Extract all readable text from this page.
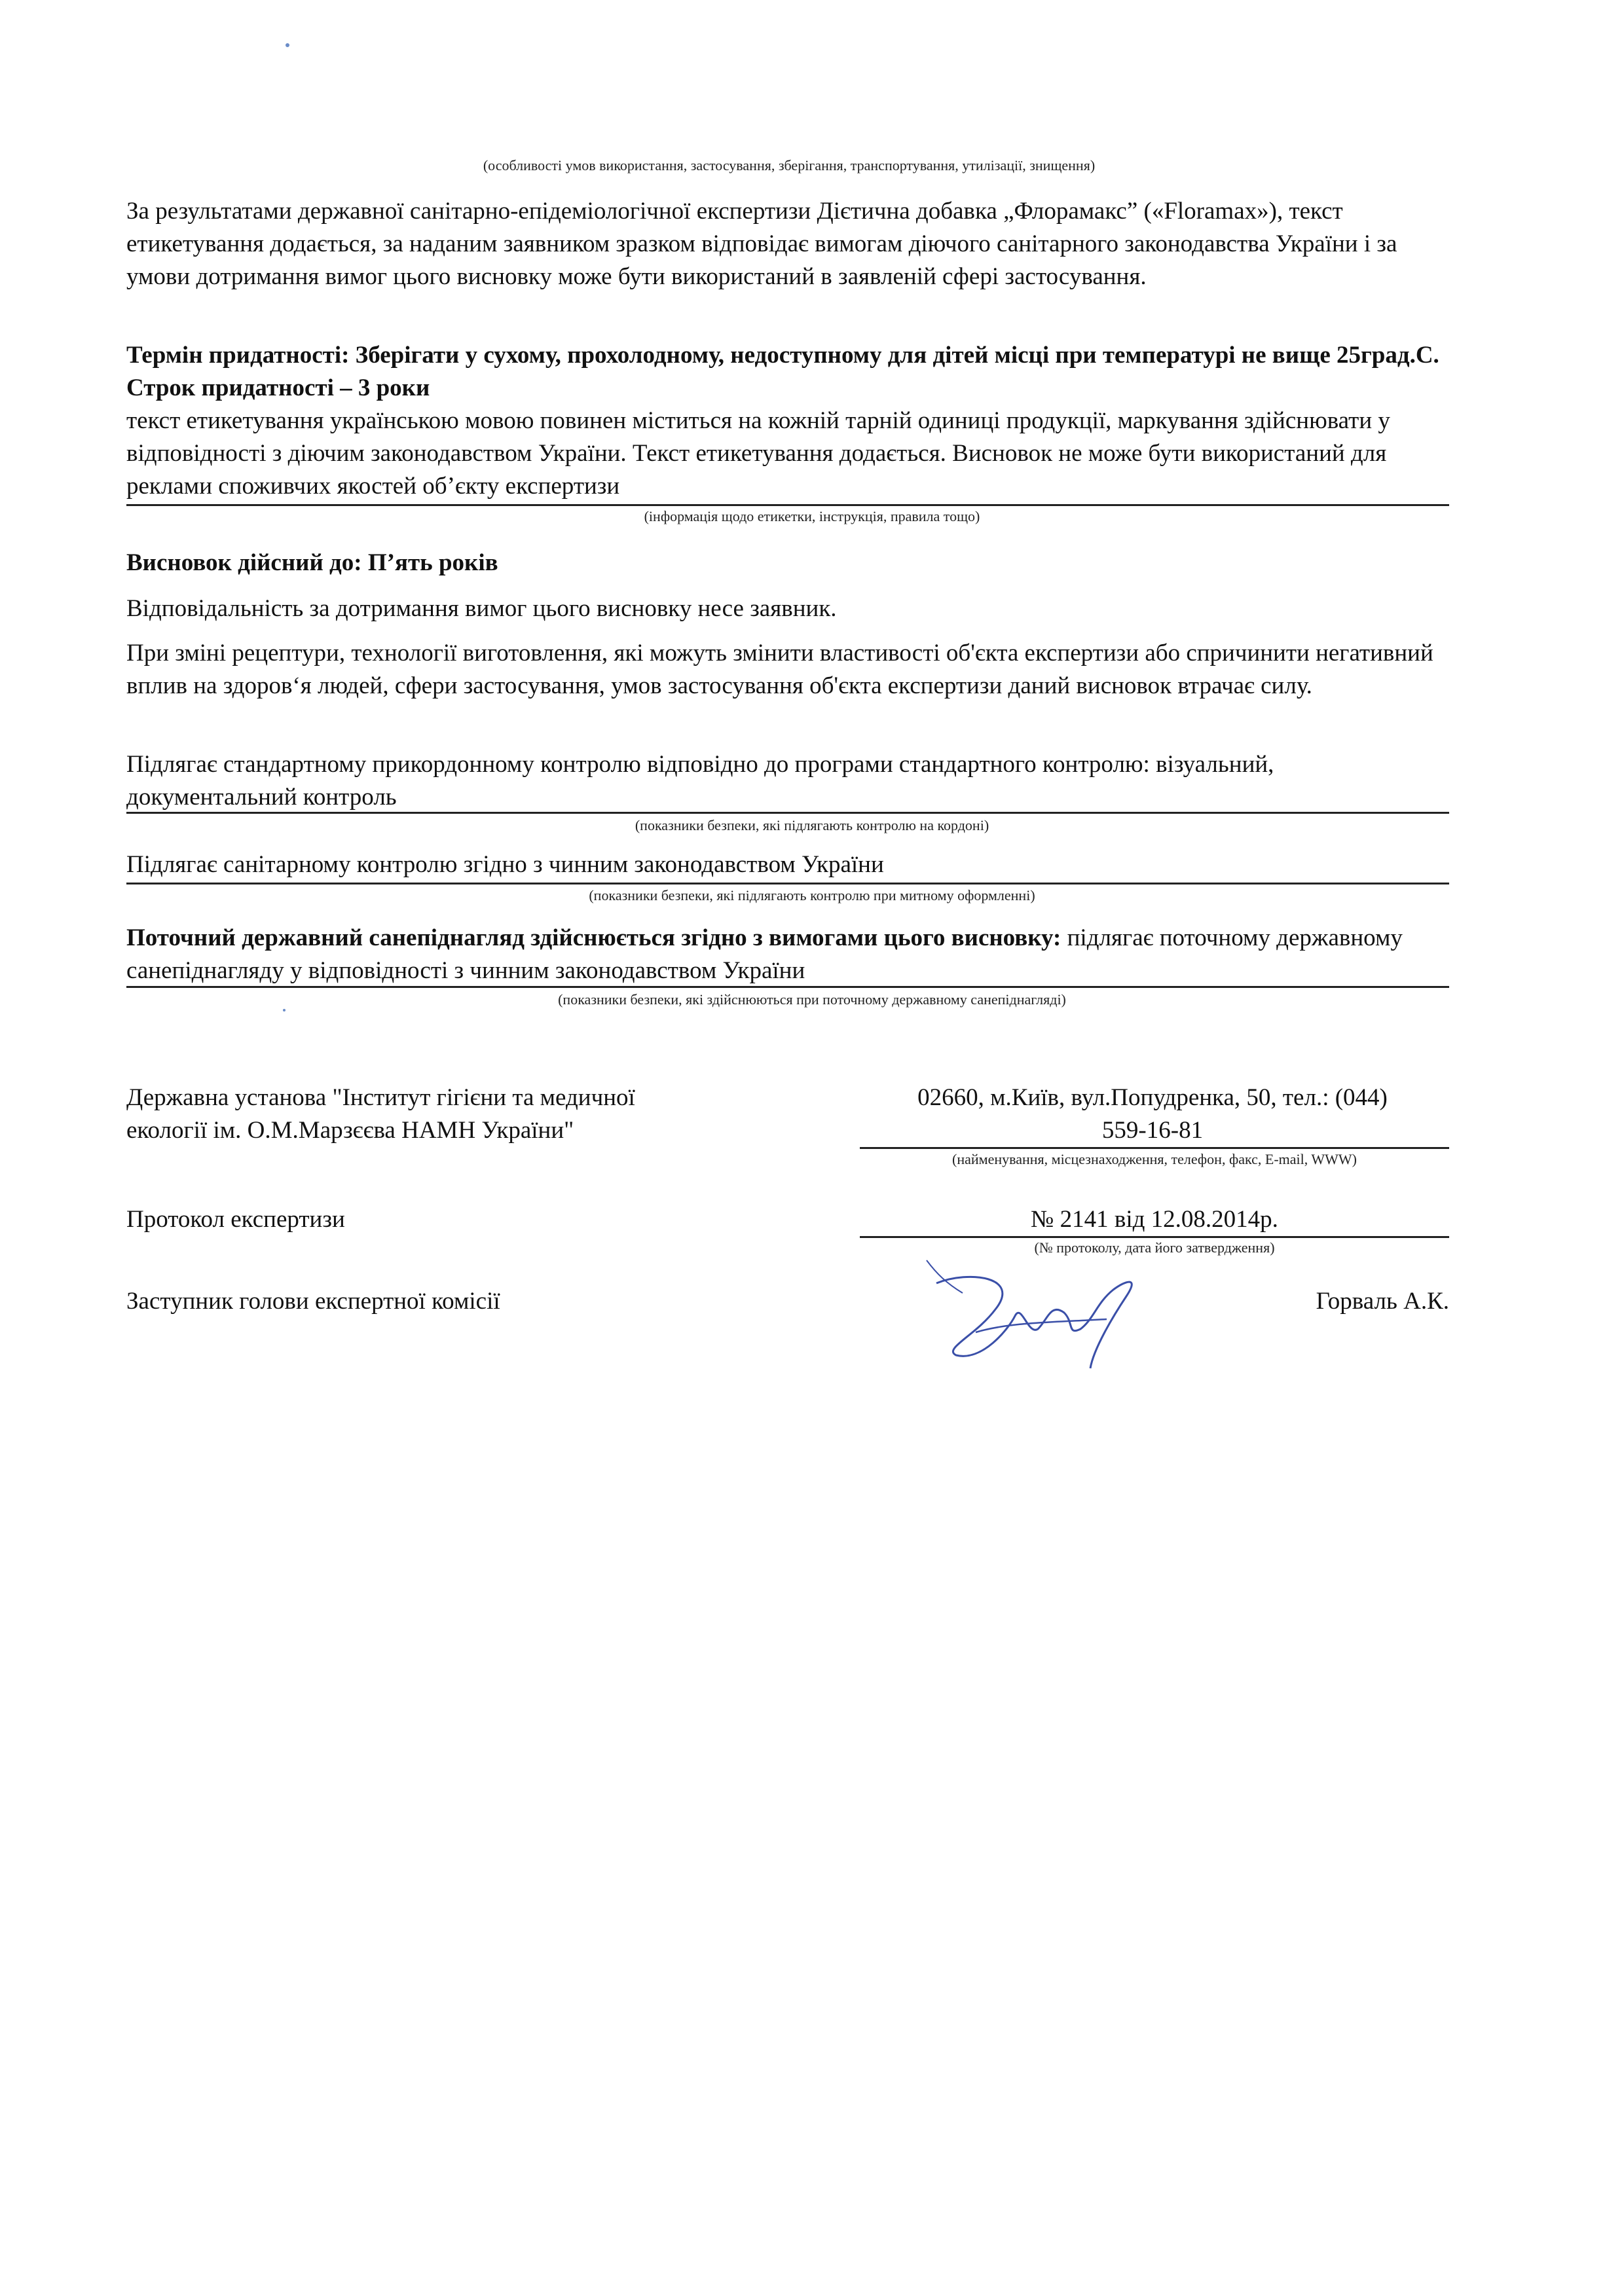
(особливості умов використання, застосування, зберігання, транспортування, утилізації, знищення)
За результатами державної санітарно-епідеміологічної експертизи Дієтична добавка „Флорамакс” («Floramax»), текст етикетування додається, за наданим заявником зразком відповідає вимогам діючого санітарного законодавства України і за умови дотримання вимог цього висновку може бути використаний в заявленій сфері застосування.
Термін придатності: Зберігати у сухому, прохолодному, недоступному для дітей місці при температурі не вище 25град.С. Строк придатності – 3 роки
текст етикетування українською мовою повинен міститься на кожній тарній одиниці продукції, маркування здійснювати у відповідності з діючим законодавством України. Текст етикетування додається. Висновок не може бути використаний для реклами споживчих якостей об’єкту експертизи
(інформація щодо етикетки, інструкція, правила тощо)
Висновок дійсний до: П’ять років
Відповідальність за дотримання вимог цього висновку несе заявник.
При зміні рецептури, технології виготовлення, які можуть змінити властивості об'єкта експертизи або спричинити негативний вплив на здоров‘я людей, сфери застосування, умов застосування об'єкта експертизи даний висновок втрачає силу.
Підлягає стандартному прикордонному контролю відповідно до програми стандартного контролю: візуальний, документальний контроль
(показники безпеки, які підлягають контролю на кордоні)
Підлягає санітарному контролю згідно з чинним законодавством України
(показники безпеки, які підлягають контролю при митному оформленні)
Поточний державний санепіднагляд здійснюється згідно з вимогами цього висновку: підлягає поточному державному санепіднагляду у відповідності з чинним законодавством України
(показники безпеки, які здійснюються при поточному державному санепіднагляді)
Державна установа "Інститут гігієни та медичної
екології ім. О.М.Марзєєва НАМН України"
02660, м.Київ, вул.Попудренка, 50, тел.: (044)
559-16-81
(найменування, місцезнаходження, телефон, факс, E-mail, WWW)
Протокол експертизи	№ 2141 від 12.08.2014р.
(№ протоколу, дата його затвердження)
Заступник голови експертної комісії	Горваль А.К.
